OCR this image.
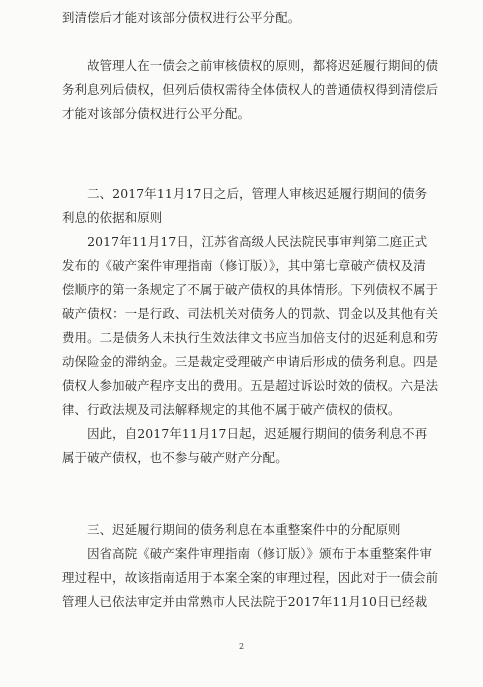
到清偿后才能对该部分债权进行公平分配。
　　故管理人在一债会之前审核债权的原则，都将迟延履行期间的债
务利息列后债权，但列后债权需待全体债权人的普通债权得到清偿后
才能对该部分债权进行公平分配。
　　二、2017年11月17日之后，管理人审核迟延履行期间的债务
利息的依据和原则
　　2017年11月17日，江苏省高级人民法院民事审判第二庭正式
发布的《破产案件审理指南（修订版）》，其中第七章破产债权及清
偿顺序的第一条规定了不属于破产债权的具体情形。下列债权不属于
破产债权：一是行政、司法机关对债务人的罚款、罚金以及其他有关
费用。二是债务人未执行生效法律文书应当加倍支付的迟延利息和劳
动保险金的滞纳金。三是裁定受理破产申请后形成的债务利息。四是
债权人参加破产程序支出的费用。五是超过诉讼时效的债权。六是法
律、行政法规及司法解释规定的其他不属于破产债权的债权。
　　因此，自2017年11月17日起，迟延履行期间的债务利息不再
属于破产债权，也不参与破产财产分配。
　　三、迟延履行期间的债务利息在本重整案件中的分配原则
　　因省高院《破产案件审理指南（修订版）》颁布于本重整案件审
理过程中，故该指南适用于本案全案的审理过程，因此对于一债会前
管理人已依法审定并由常熟市人民法院于2017年11月10日已经裁
2
